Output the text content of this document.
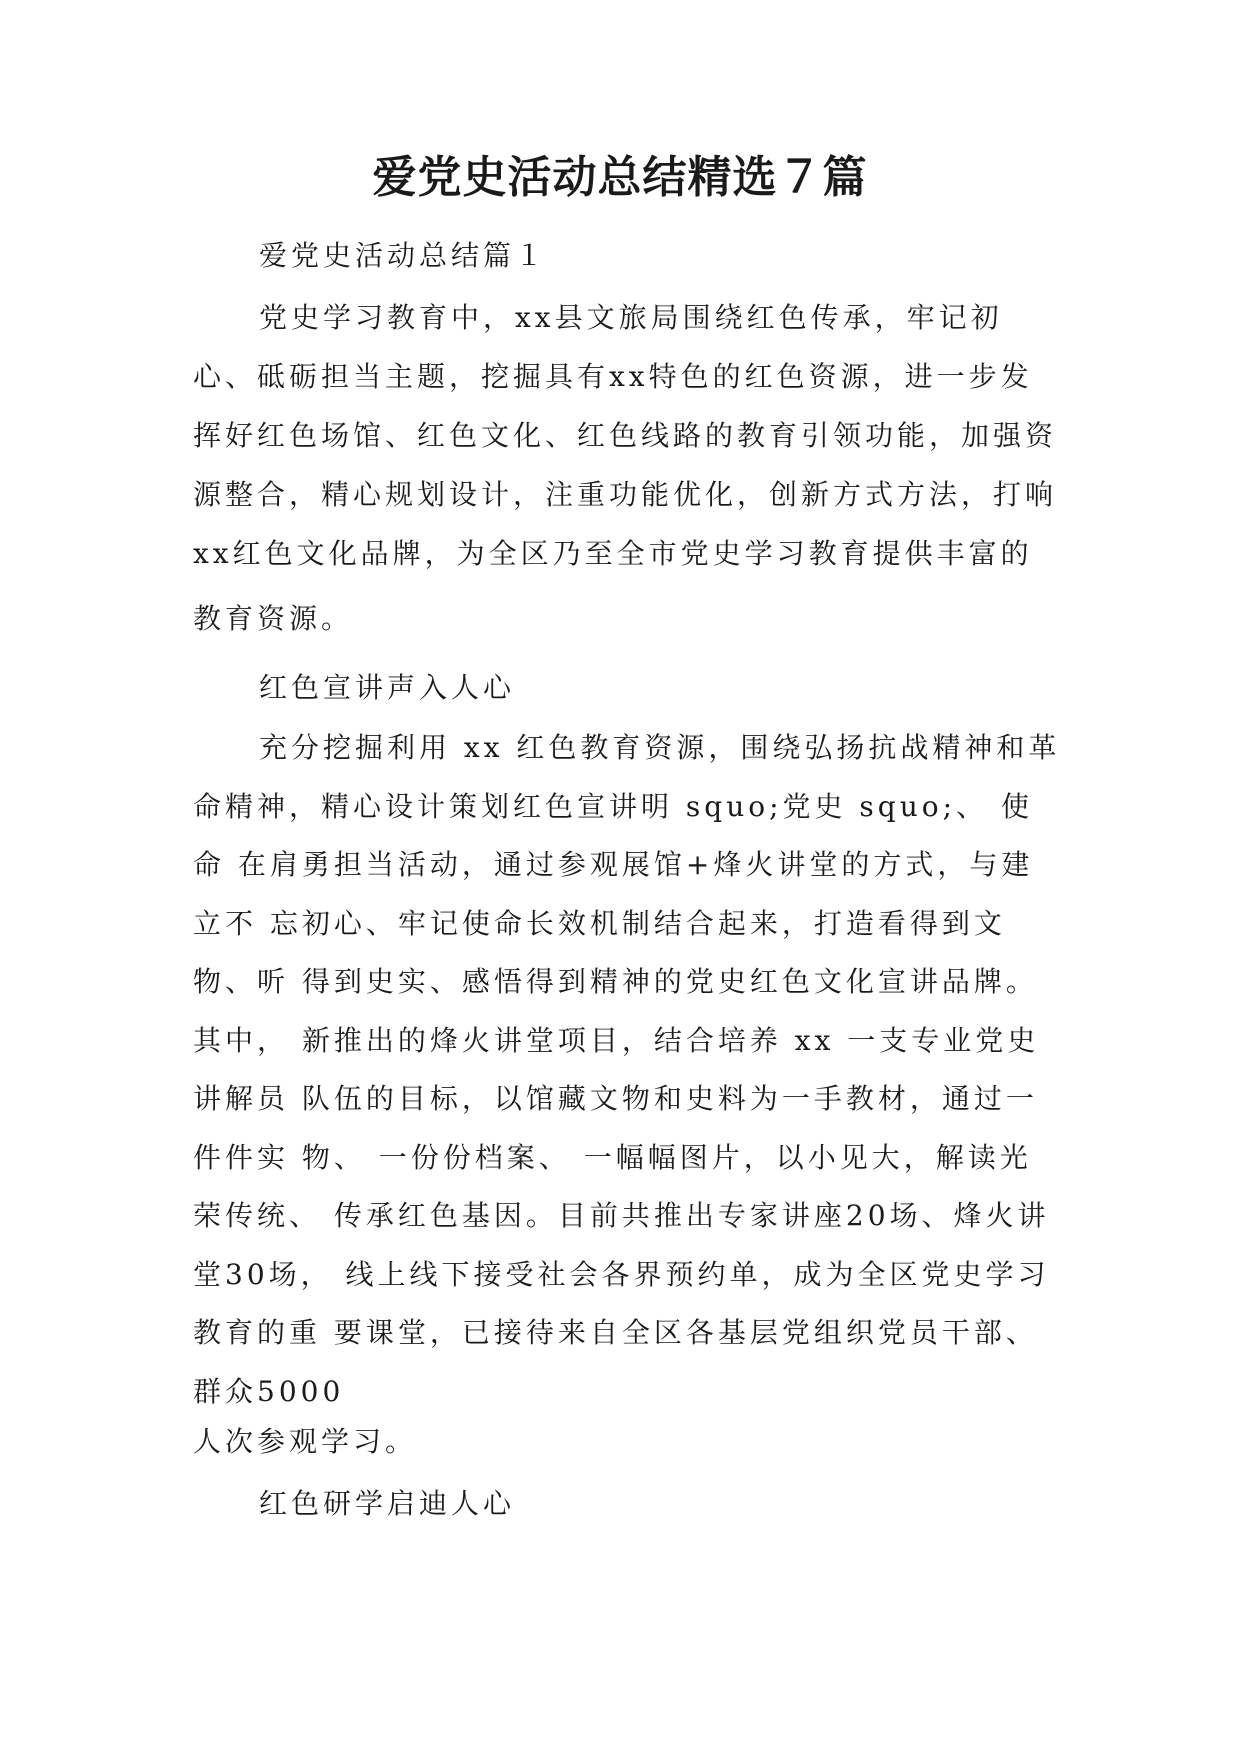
爱党史活动总结精选７篇

爱党史活动总结篇１

党史学习教育中，xx县文旅局围绕红色传承，牢记初心、砥砺担当主题，挖掘具有xx特色的红色资源，进一步发挥好红色场馆、红色文化、红色线路的教育引领功能，加强资源整合，精心规划设计，注重功能优化，创新方式方法，打响xx红色文化品牌，为全区乃至全市党史学习教育提供丰富的

教育资源。

红色宣讲声入人心

充分挖掘利用 xx 红色教育资源，围绕弘扬抗战精神和革命精神，精心设计策划红色宣讲明 squo;党史 squo;、 使命 在肩勇担当活动，通过参观展馆+烽火讲堂的方式，与建立不 忘初心、牢记使命长效机制结合起来，打造看得到文物、听 得到史实、感悟得到精神的党史红色文化宣讲品牌。其中， 新推出的烽火讲堂项目，结合培养 xx 一支专业党史讲解员 队伍的目标，以馆藏文物和史料为一手教材，通过一件件实 物、 一份份档案、 一幅幅图片，以小见大，解读光荣传统、 传承红色基因。目前共推出专家讲座20场、烽火讲堂30场， 线上线下接受社会各界预约单，成为全区党史学习教育的重 要课堂，已接待来自全区各基层党组织党员干部、群众5000

人次参观学习。

红色研学启迪人心
